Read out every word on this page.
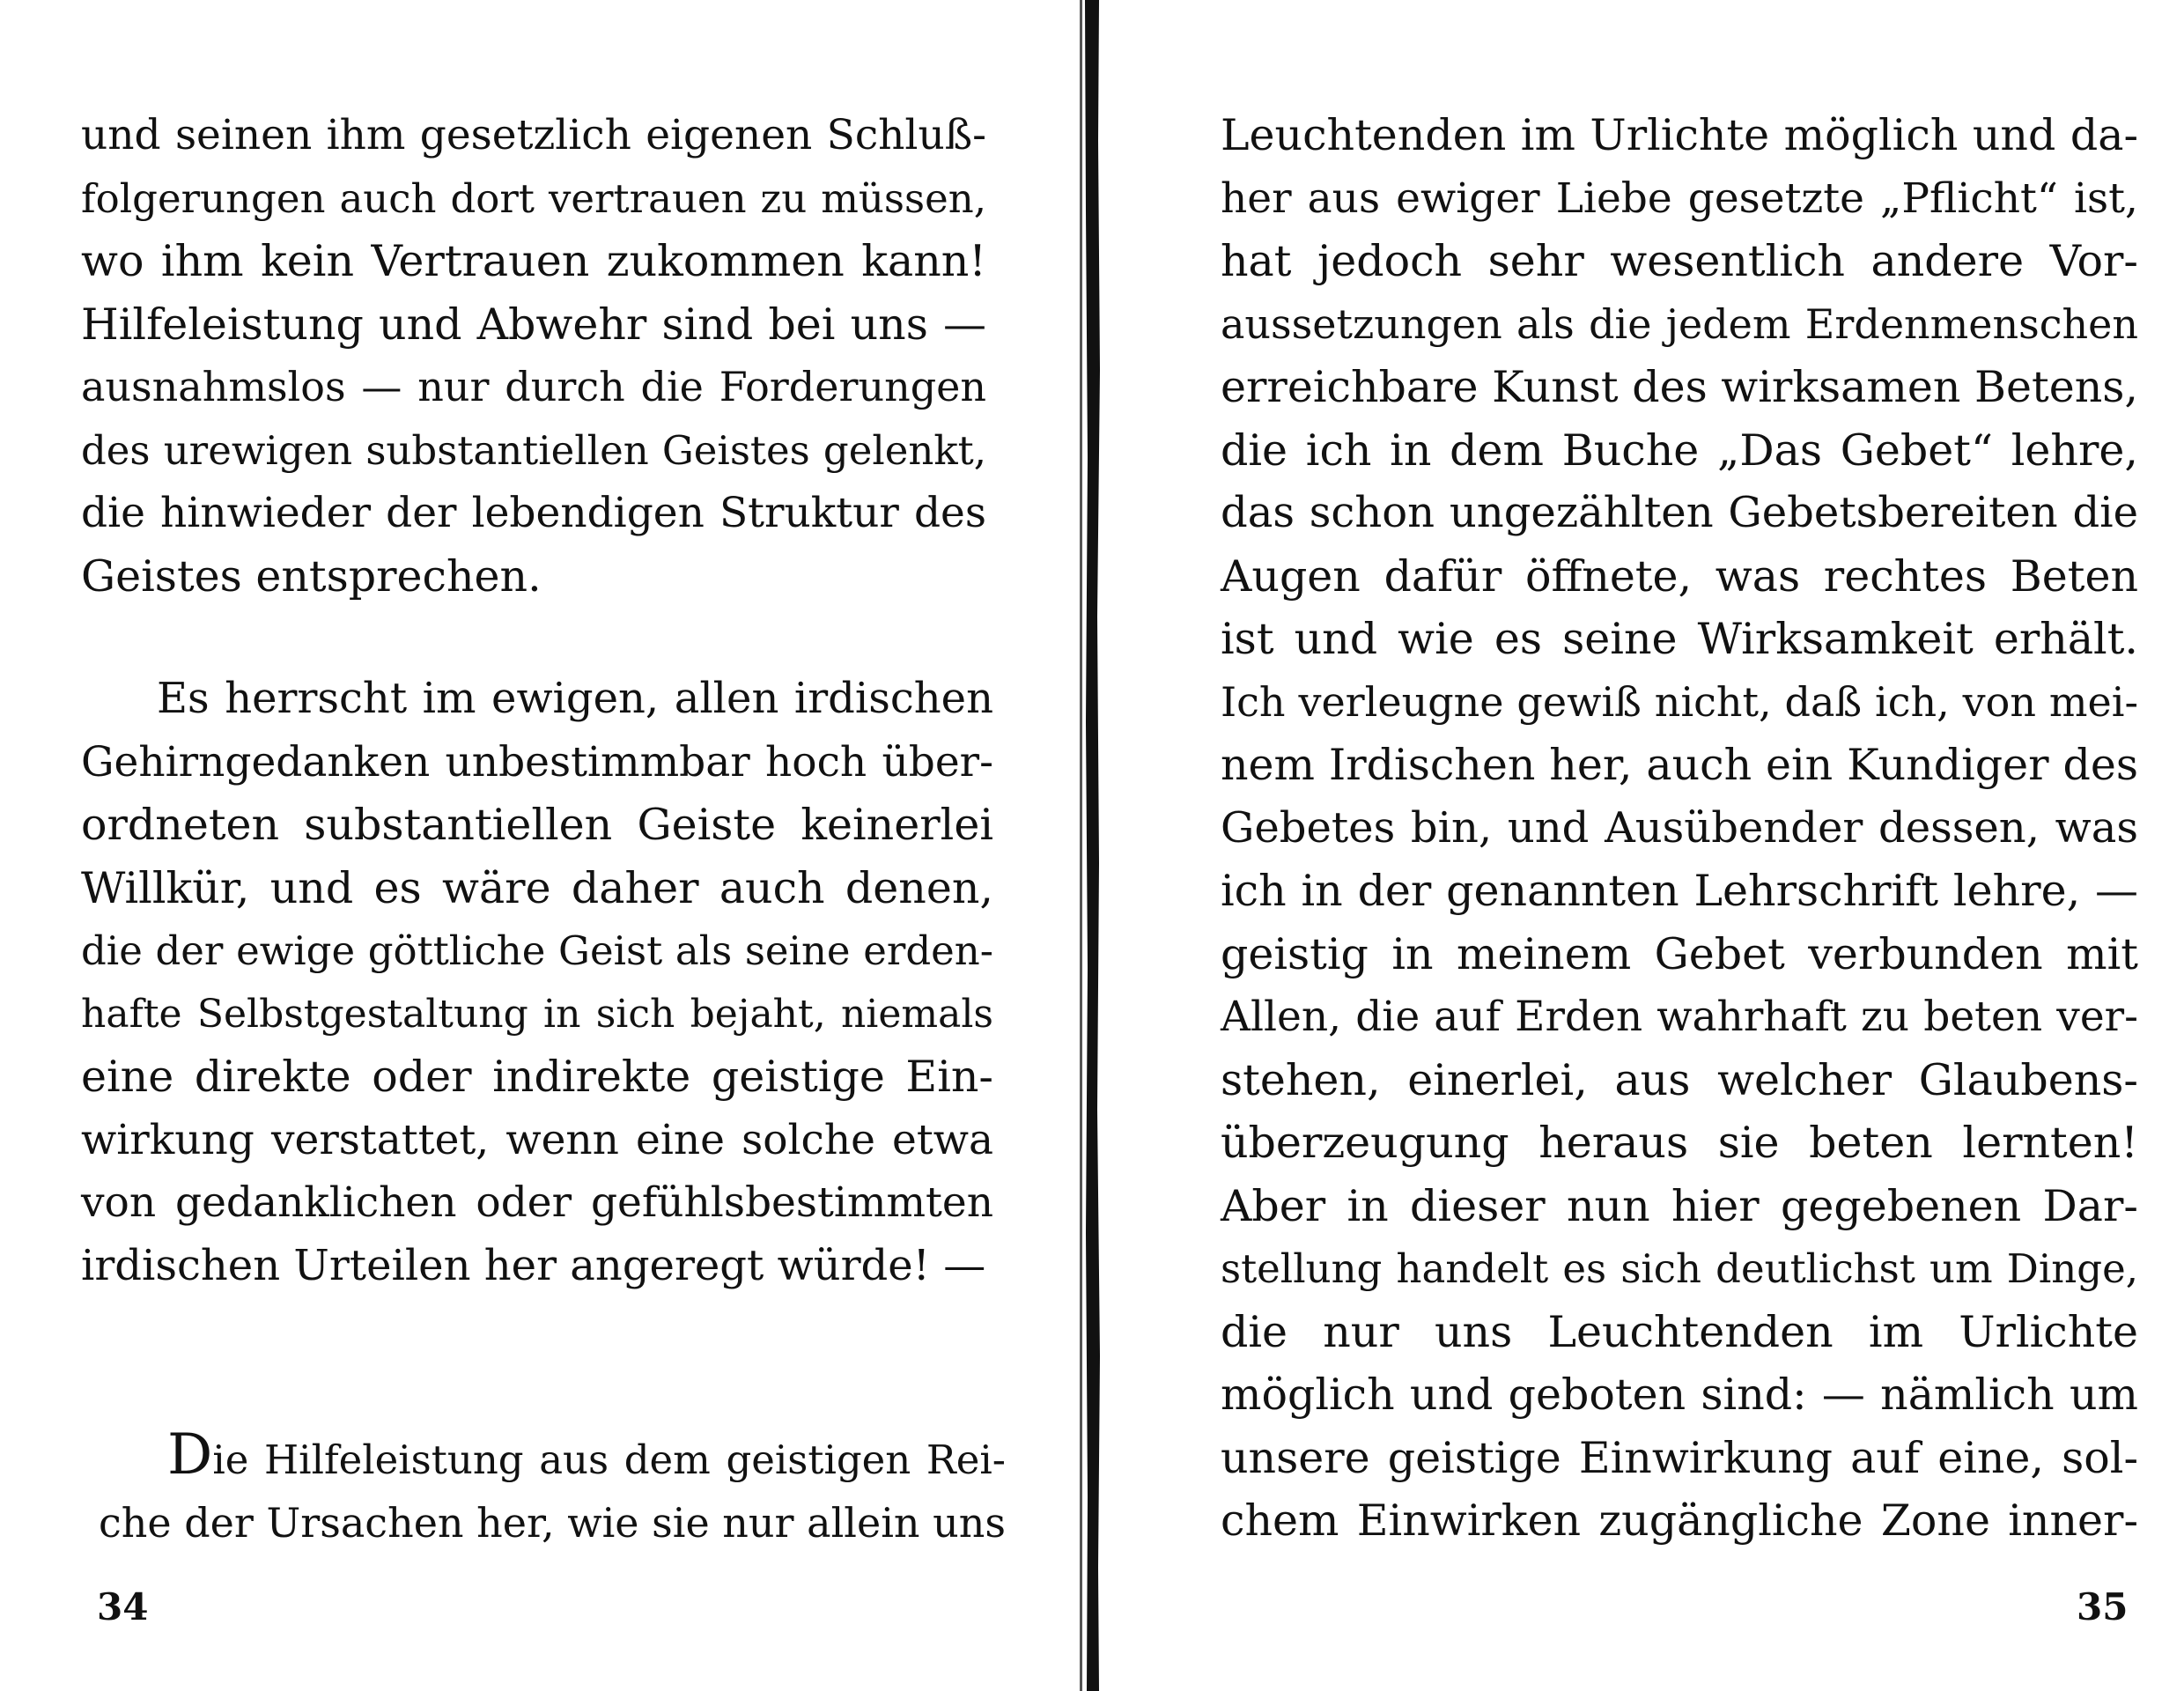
und seinen ihm gesetzlich eigenen Schluß-
folgerungen auch dort vertrauen zu müssen,
wo ihm kein Vertrauen zukommen kann!
Hilfeleistung und Abwehr sind bei uns —
ausnahmslos — nur durch die Forderungen
des urewigen substantiellen Geistes gelenkt,
die hinwieder der lebendigen Struktur des
Geistes entsprechen.
Es herrscht im ewigen, allen irdischen
Gehirngedanken unbestimmbar hoch über-
ordneten substantiellen Geiste keinerlei
Willkür, und es wäre daher auch denen,
die der ewige göttliche Geist als seine erden-
hafte Selbstgestaltung in sich bejaht, niemals
eine direkte oder indirekte geistige Ein-
wirkung verstattet, wenn eine solche etwa
von gedanklichen oder gefühlsbestimmten
irdischen Urteilen her angeregt würde! —
Die Hilfeleistung aus dem geistigen Rei-
che der Ursachen her, wie sie nur allein uns
34
Leuchtenden im Urlichte möglich und da-
her aus ewiger Liebe gesetzte „Pflicht“ ist,
hat jedoch sehr wesentlich andere Vor-
aussetzungen als die jedem Erdenmenschen
erreichbare Kunst des wirksamen Betens,
die ich in dem Buche „Das Gebet“ lehre,
das schon ungezählten Gebetsbereiten die
Augen dafür öffnete, was rechtes Beten
ist und wie es seine Wirksamkeit erhält.
Ich verleugne gewiß nicht, daß ich, von mei-
nem Irdischen her, auch ein Kundiger des
Gebetes bin, und Ausübender dessen, was
ich in der genannten Lehrschrift lehre, —
geistig in meinem Gebet verbunden mit
Allen, die auf Erden wahrhaft zu beten ver-
stehen, einerlei, aus welcher Glaubens-
überzeugung heraus sie beten lernten!
Aber in dieser nun hier gegebenen Dar-
stellung handelt es sich deutlichst um Dinge,
die nur uns Leuchtenden im Urlichte
möglich und geboten sind: — nämlich um
unsere geistige Einwirkung auf eine, sol-
chem Einwirken zugängliche Zone inner-
35
